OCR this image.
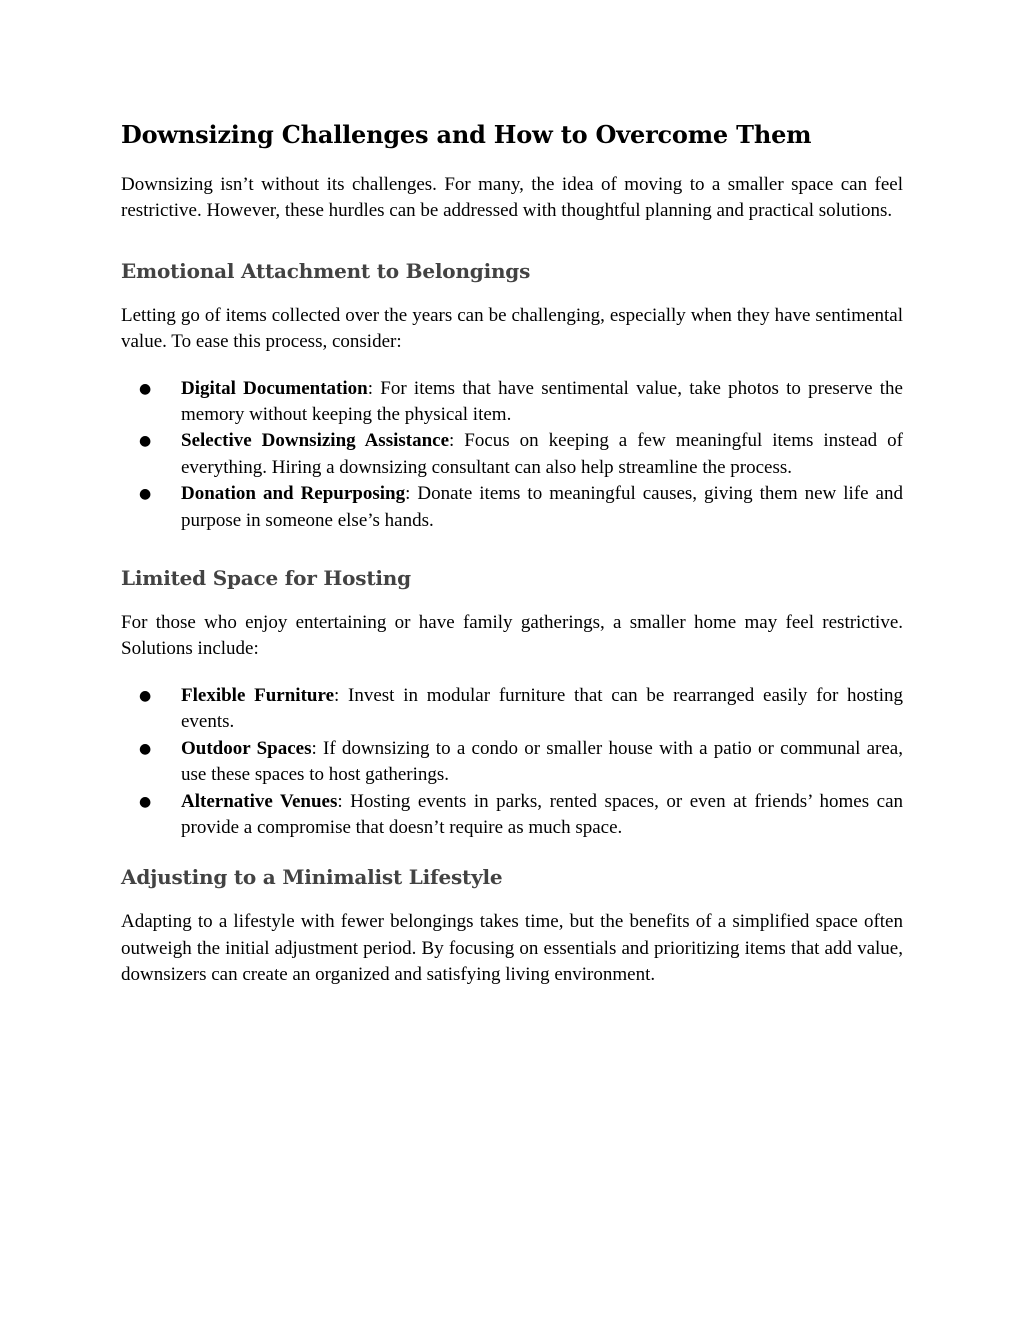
Downsizing Challenges and How to Overcome Them

Downsizing isn’t without its challenges. For many, the idea of moving to a smaller space can feel restrictive. However, these hurdles can be addressed with thoughtful planning and practical solutions.

Emotional Attachment to Belongings

Letting go of items collected over the years can be challenging, especially when they have sentimental value. To ease this process, consider:

● Digital Documentation: For items that have sentimental value, take photos to preserve the memory without keeping the physical item.
● Selective Downsizing Assistance: Focus on keeping a few meaningful items instead of everything. Hiring a downsizing consultant can also help streamline the process.
● Donation and Repurposing: Donate items to meaningful causes, giving them new life and purpose in someone else’s hands.
Limited Space for Hosting

For those who enjoy entertaining or have family gatherings, a smaller home may feel restrictive. Solutions include:

● Flexible Furniture: Invest in modular furniture that can be rearranged easily for hosting events.
● Outdoor Spaces: If downsizing to a condo or smaller house with a patio or communal area, use these spaces to host gatherings.
● Alternative Venues: Hosting events in parks, rented spaces, or even at friends’ homes can provide a compromise that doesn’t require as much space.
Adjusting to a Minimalist Lifestyle

Adapting to a lifestyle with fewer belongings takes time, but the benefits of a simplified space often outweigh the initial adjustment period. By focusing on essentials and prioritizing items that add value, downsizers can create an organized and satisfying living environment.
